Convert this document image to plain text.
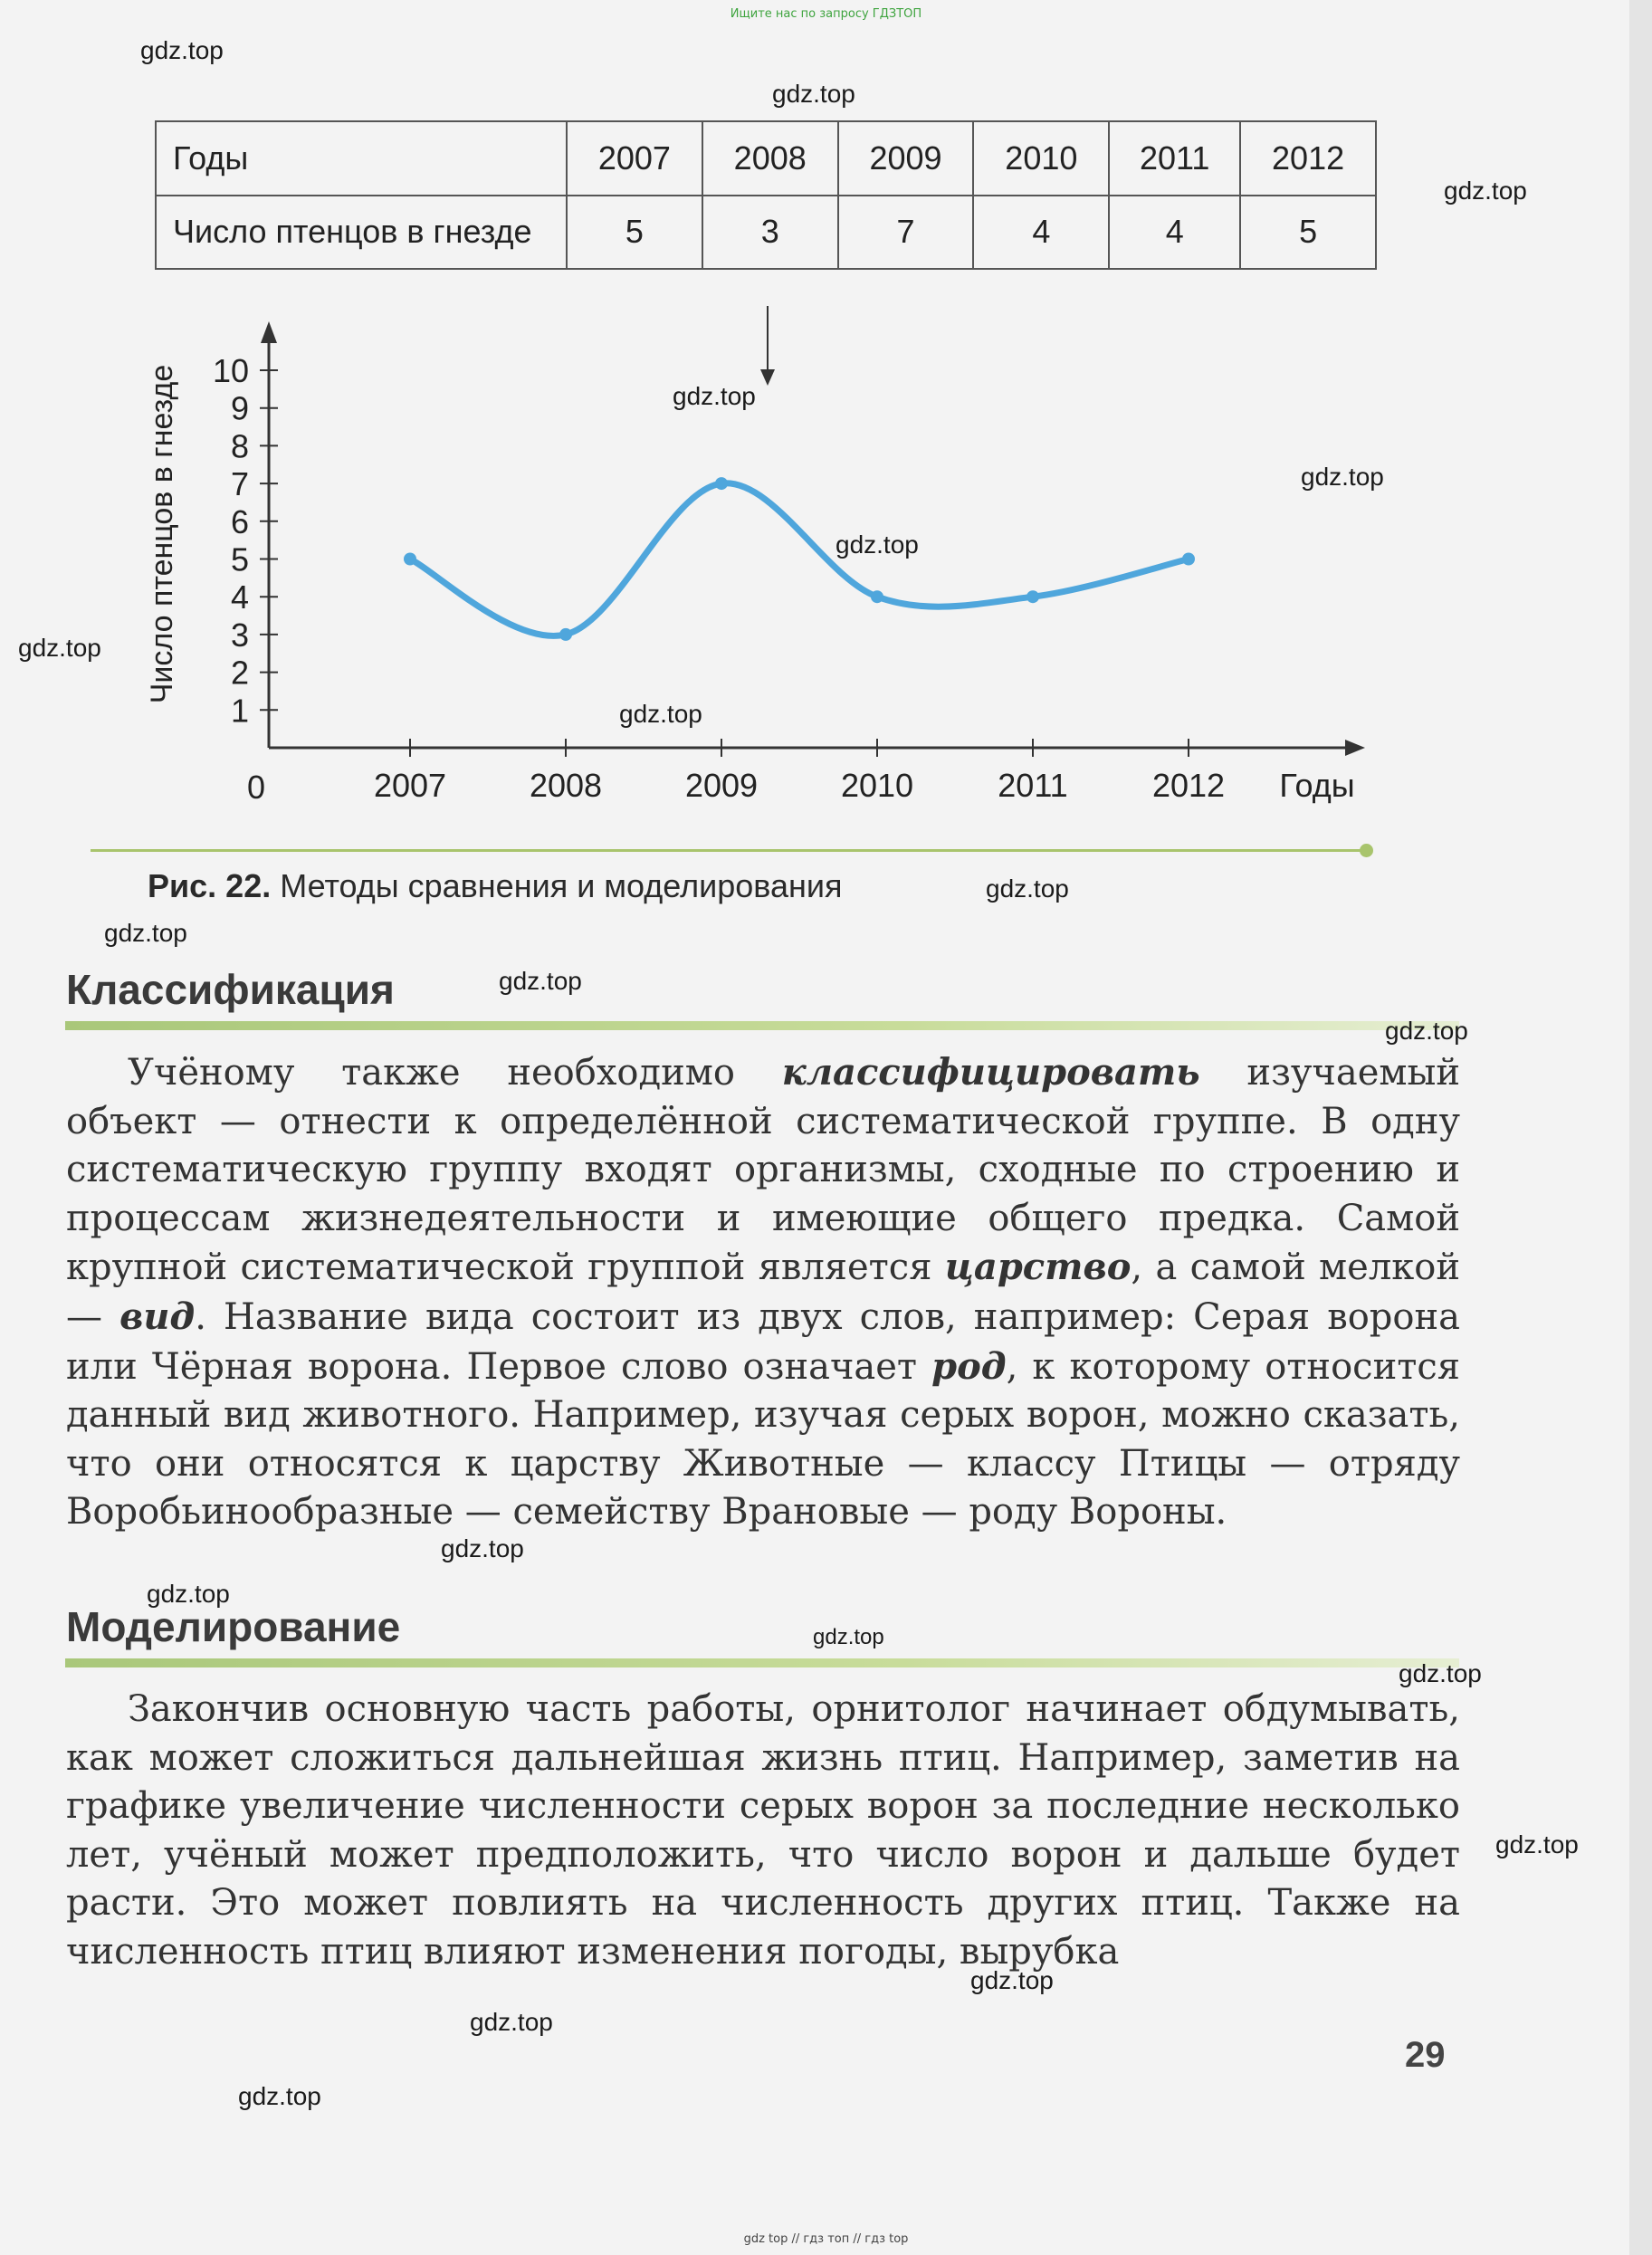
Ищите нас по запросу ГДЗТОП
Годы	2007	2008	2009	2010	2011	2012
Число птенцов в гнезде	5	3	7	4	4	5
1
2
3
4
5
6
7
8
9
10
0	2007	2008	2009	2010	2011	2012 Годы
Число птенцов в гнезде
Рис. 22. Методы сравнения и моделирования
Классификация
Учёному также необходимо классифицировать изучаемый объект — отнести к определённой систематической группе. В одну систематическую группу входят организмы, сходные по строению и процессам жизнедеятельности и имеющие общего предка. Самой крупной систематической группой является царство, а самой мелкой — вид. Название вида состоит из двух слов, например: Серая ворона или Чёрная ворона. Первое слово означает род, к которому относится данный вид животного. Например, изучая серых ворон, можно сказать, что они относятся к царству Животные — классу Птицы — отряду Воробьинообразные — семейству Врановые — роду Вороны.
Моделирование
Закончив основную часть работы, орнитолог начинает обдумывать, как может сложиться дальнейшая жизнь птиц. Например, заметив на графике увеличение численности серых ворон за последние несколько лет, учёный может предположить, что число ворон и дальше будет расти. Это может повлиять на численность других птиц. Также на численность птиц влияют изменения погоды, вырубка
29
gdz.top
gdz.top
gdz.top
gdz.top
gdz.top
gdz.top
gdz.top
gdz.top
gdz.top
gdz.top
gdz.top
gdz.top
gdz.top
gdz.top
gdz.top
gdz.top
gdz.top
gdz.top
gdz.top
gdz.top
gdz top // гдз топ // гдз top
